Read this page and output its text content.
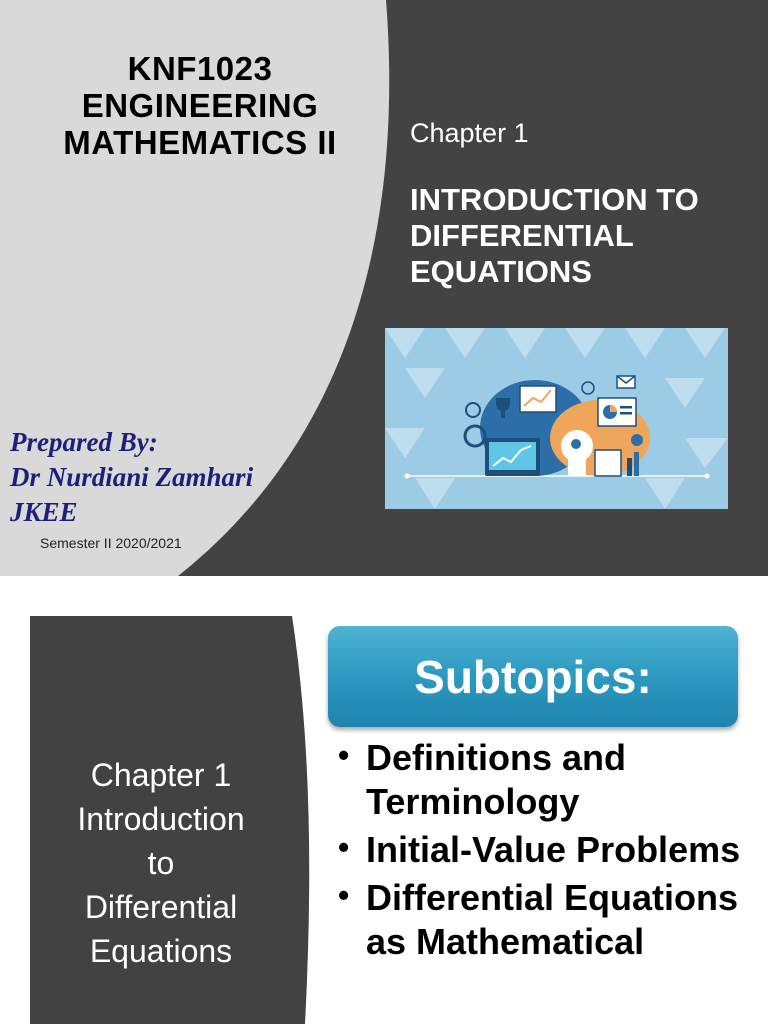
KNF1023
ENGINEERING
MATHEMATICS II	Chapter 1

INTRODUCTION TO
DIFFERENTIAL
EQUATIONS
Prepared By:
Dr Nurdiani Zamhari
JKEE
Semester II 2020/2021
Chapter 1
Introduction
to
Differential
Equations
Subtopics:
• Definitions and Terminology
• Initial-Value Problems
• Differential Equations as Mathematical
